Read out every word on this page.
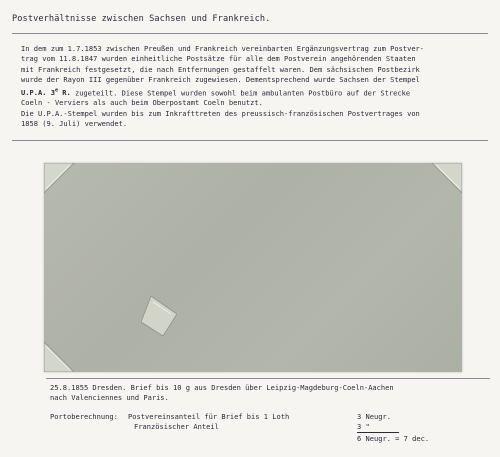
Postverhältnisse zwischen Sachsen und Frankreich.
In dem zum 1.7.1853 zwischen Preußen und Frankreich vereinbarten Ergänzungsvertrag zum Postver-
trag vom 11.8.1847 wurden einheitliche Postsätze für alle dem Postverein angehörenden Staaten
mit Frankreich festgesetzt, die nach Entfernungen gestaffelt waren. Dem sächsischen Postbezirk
wurde der Rayon III gegenüber Frankreich zugewiesen. Dementsprechend wurde Sachsen der Stempel
U.P.A. 3e R. zugeteilt. Diese Stempel wurden sowohl beim ambulanten Postbüro auf der Strecke
Coeln - Verviers als auch beim Oberpostamt Coeln benutzt.
Die U.P.A.-Stempel wurden bis zum Inkrafttreten des preussisch-französischen Postvertrages von
1858 (9. Juli) verwendet.
25.8.1855 Dresden. Brief bis 10 g aus Dresden über Leipzig-Magdeburg-Coeln-Aachen
nach Valenciennes und Paris.
Portoberechnung: Postvereinsanteil für Brief bis 1 Loth
Französischer Anteil
3 Neugr.
3 "
6 Neugr. = 7 dec.
